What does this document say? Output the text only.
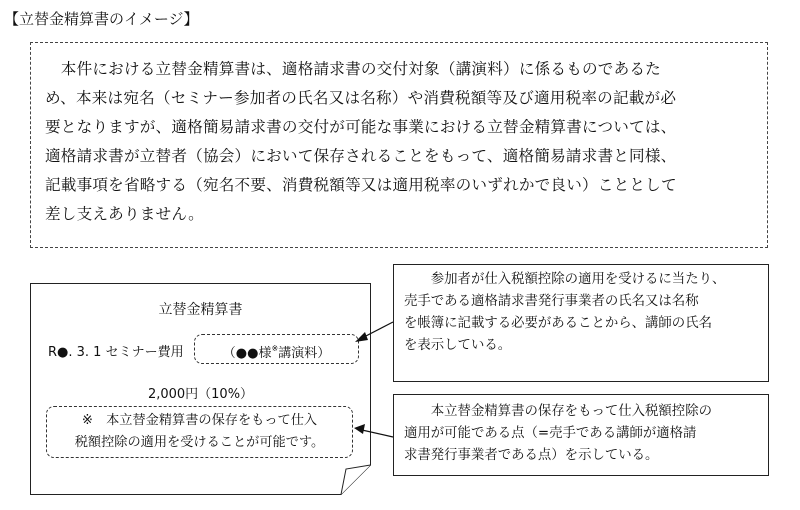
【立替金精算書のイメージ】
　本件における立替金精算書は、適格請求書の交付対象（講演料）に係るものであるた
め、本来は宛名（セミナー参加者の氏名又は名称）や消費税額等及び適用税率の記載が必
要となりますが、適格簡易請求書の交付が可能な事業における立替金精算書については、
適格請求書が立替者（協会）において保存されることをもって、適格簡易請求書と同様、
記載事項を省略する（宛名不要、消費税額等又は適用税率のいずれかで良い）こととして
差し支えありません。
立替金精算書
R●. 3. 1 セミナー費用	（●●様※講演料）
2,000円（10%）
※　本立替金精算書の保存をもって仕入
税額控除の適用を受けることが可能です。
　　参加者が仕入税額控除の適用を受けるに当たり、
売手である適格請求書発行事業者の氏名又は名称
を帳簿に記載する必要があることから、講師の氏名
を表示している。
　　本立替金精算書の保存をもって仕入税額控除の
適用が可能である点（=売手である講師が適格請
求書発行事業者である点）を示している。
